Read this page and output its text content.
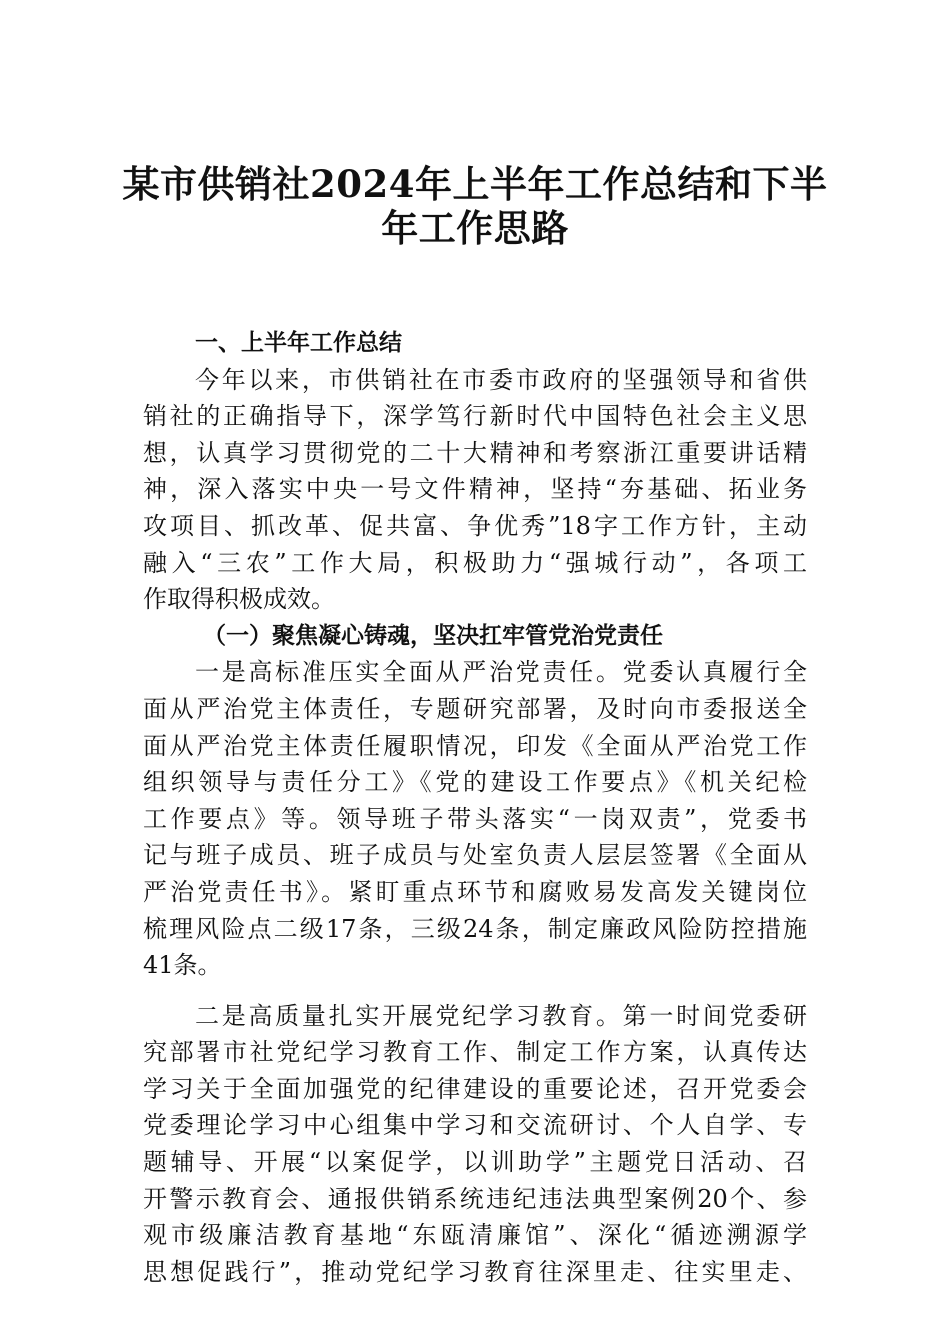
某市供销社2024年上半年工作总结和下半
年工作思路
一、上半年工作总结
今年以来，市供销社在市委市政府的坚强领导和省供
销社的正确指导下，深学笃行新时代中国特色社会主义思
想，认真学习贯彻党的二十大精神和考察浙江重要讲话精
神，深入落实中央一号文件精神，坚持“夯基础、拓业务
攻项目、抓改革、促共富、争优秀”18字工作方针，主动
融入“三农”工作大局，积极助力“强城行动”，各项工
作取得积极成效。
（一）聚焦凝心铸魂，坚决扛牢管党治党责任
一是高标准压实全面从严治党责任。党委认真履行全
面从严治党主体责任，专题研究部署，及时向市委报送全
面从严治党主体责任履职情况，印发《全面从严治党工作
组织领导与责任分工》《党的建设工作要点》《机关纪检
工作要点》等。领导班子带头落实“一岗双责”，党委书
记与班子成员、班子成员与处室负责人层层签署《全面从
严治党责任书》。紧盯重点环节和腐败易发高发关键岗位
梳理风险点二级17条，三级24条，制定廉政风险防控措施
41条。
二是高质量扎实开展党纪学习教育。第一时间党委研
究部署市社党纪学习教育工作、制定工作方案，认真传达
学习关于全面加强党的纪律建设的重要论述，召开党委会
党委理论学习中心组集中学习和交流研讨、个人自学、专
题辅导、开展“以案促学，以训助学”主题党日活动、召
开警示教育会、通报供销系统违纪违法典型案例20个、参
观市级廉洁教育基地“东瓯清廉馆”、深化“循迹溯源学
思想促践行”，推动党纪学习教育往深里走、往实里走、
